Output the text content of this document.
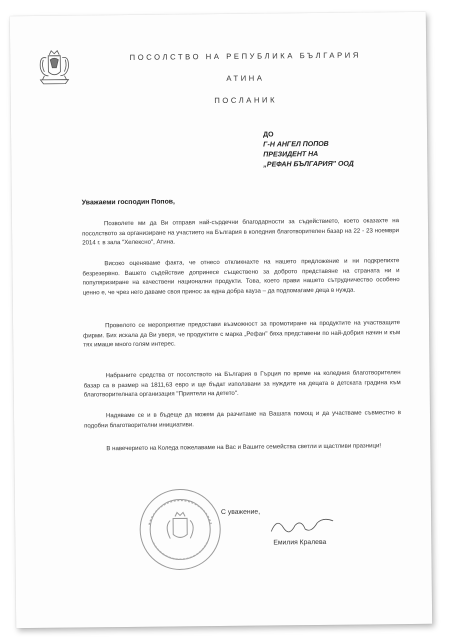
ПОСОЛСТВО НА РЕПУБЛИКА БЪЛГАРИЯ
АТИНА
ПОСЛАНИК
ДО
Г-Н АНГЕЛ ПОПОВ
ПРЕЗИДЕНТ НА
„РЕФАН БЪЛГАРИЯ" ООД
Уважаеми господин Попов,

Позволете ми да Ви отправя най-сърдечни благодарности за съдействието, което оказахте на посолството за организиране на участието на България в коледния благотворителен базар на 22 - 23 ноември 2014 г. в зала "Хелексно", Атина.

Високо оценяваме факта, че отнесо откликнахте на нашето предложение и ни подкрепихте безрезервно. Вашето съдействие допринесе съществено за доброто представяне на страната ни и популяризиране на качествени национални продукти. Това, което прави нашето сътрудничество особено ценно е, че чрез него даваме своя принос за една добра кауза – да подпомагаме деца в нужда.

Провелото се мероприятие предостави възможност за промотиране на продуктите на участващите фирми. Бих искала да Ви уверя, че продуктите с марка „Рефан" бяха представени по най-добрия начин и към тях имаше много голям интерес.

Набраните средства от посолството на България в Гърция по време на коледния благотворителен базар са в размер на 1811,63 евро и ще бъдат използвани за нуждите на децата в детската градина към благотворителната организация "Приятели на детето".

Надяваме се и в бъдеще да можем да разчитаме на Вашата помощ и да участваме съвместно в подобни благотворителни инициативи.

В навечерието на Коледа пожелаваме на Вас и Вашите семейства светли и щастливи празници!

С уважение,
Емилия Кралева
